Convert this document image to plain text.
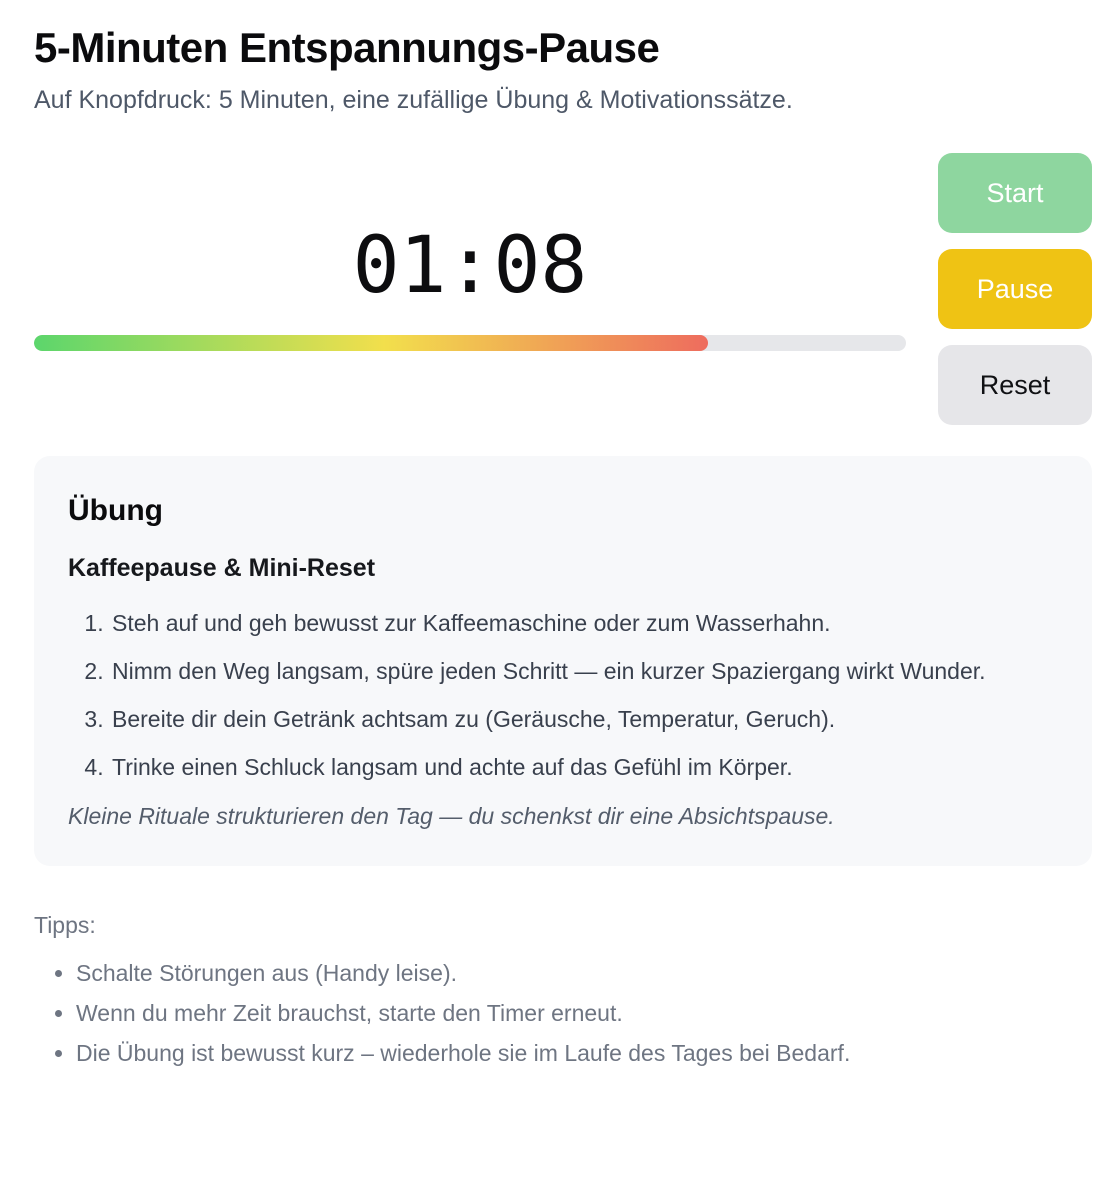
5-Minuten Entspannungs-Pause

Auf Knopfdruck: 5 Minuten, eine zufällige Übung & Motivationssätze.

01:08
Start
Pause
Reset
Übung
Kaffeepause & Mini-Reset
1. Steh auf und geh bewusst zur Kaffeemaschine oder zum Wasserhahn.
2. Nimm den Weg langsam, spüre jeden Schritt — ein kurzer Spaziergang wirkt Wunder.
3. Bereite dir dein Getränk achtsam zu (Geräusche, Temperatur, Geruch).
4. Trinke einen Schluck langsam und achte auf das Gefühl im Körper.

Kleine Rituale strukturieren den Tag — du schenkst dir eine Absichtspause.

Tipps:

• Schalte Störungen aus (Handy leise).
• Wenn du mehr Zeit brauchst, starte den Timer erneut.
• Die Übung ist bewusst kurz – wiederhole sie im Laufe des Tages bei Bedarf.
